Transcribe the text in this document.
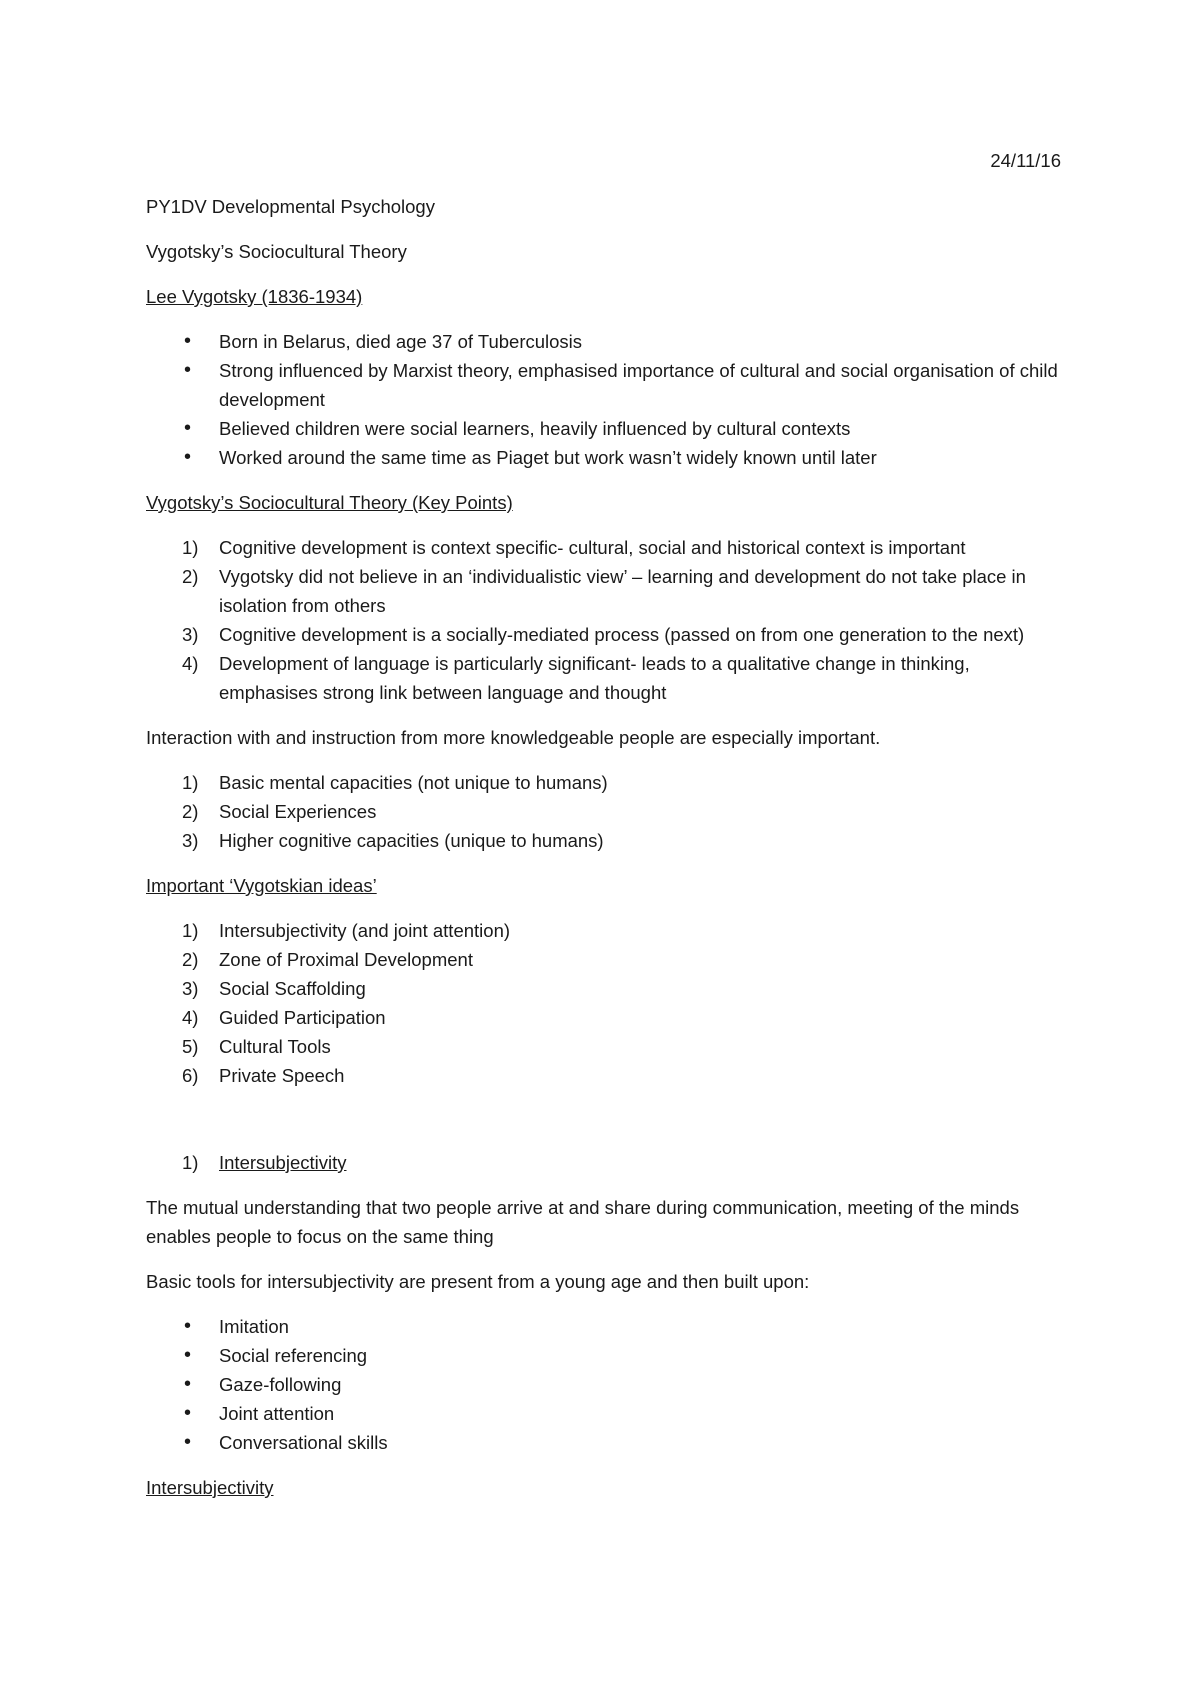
24/11/16

PY1DV Developmental Psychology

Vygotsky’s Sociocultural Theory

Lee Vygotsky (1836-1934)

• Born in Belarus, died age 37 of Tuberculosis
• Strong influenced by Marxist theory, emphasised importance of cultural and social organisation of child development
• Believed children were social learners, heavily influenced by cultural contexts
• Worked around the same time as Piaget but work wasn’t widely known until later

Vygotsky’s Sociocultural Theory (Key Points)

1) Cognitive development is context specific- cultural, social and historical context is important
2) Vygotsky did not believe in an ‘individualistic view’ – learning and development do not take place in isolation from others
3) Cognitive development is a socially-mediated process (passed on from one generation to the next)
4) Development of language is particularly significant- leads to a qualitative change in thinking, emphasises strong link between language and thought

Interaction with and instruction from more knowledgeable people are especially important.

1) Basic mental capacities (not unique to humans)
2) Social Experiences
3) Higher cognitive capacities (unique to humans)

Important ‘Vygotskian ideas’

1) Intersubjectivity (and joint attention)
2) Zone of Proximal Development
3) Social Scaffolding
4) Guided Participation
5) Cultural Tools
6) Private Speech
1) Intersubjectivity

The mutual understanding that two people arrive at and share during communication, meeting of the minds enables people to focus on the same thing

Basic tools for intersubjectivity are present from a young age and then built upon:

• Imitation
• Social referencing
• Gaze-following
• Joint attention
• Conversational skills

Intersubjectivity
